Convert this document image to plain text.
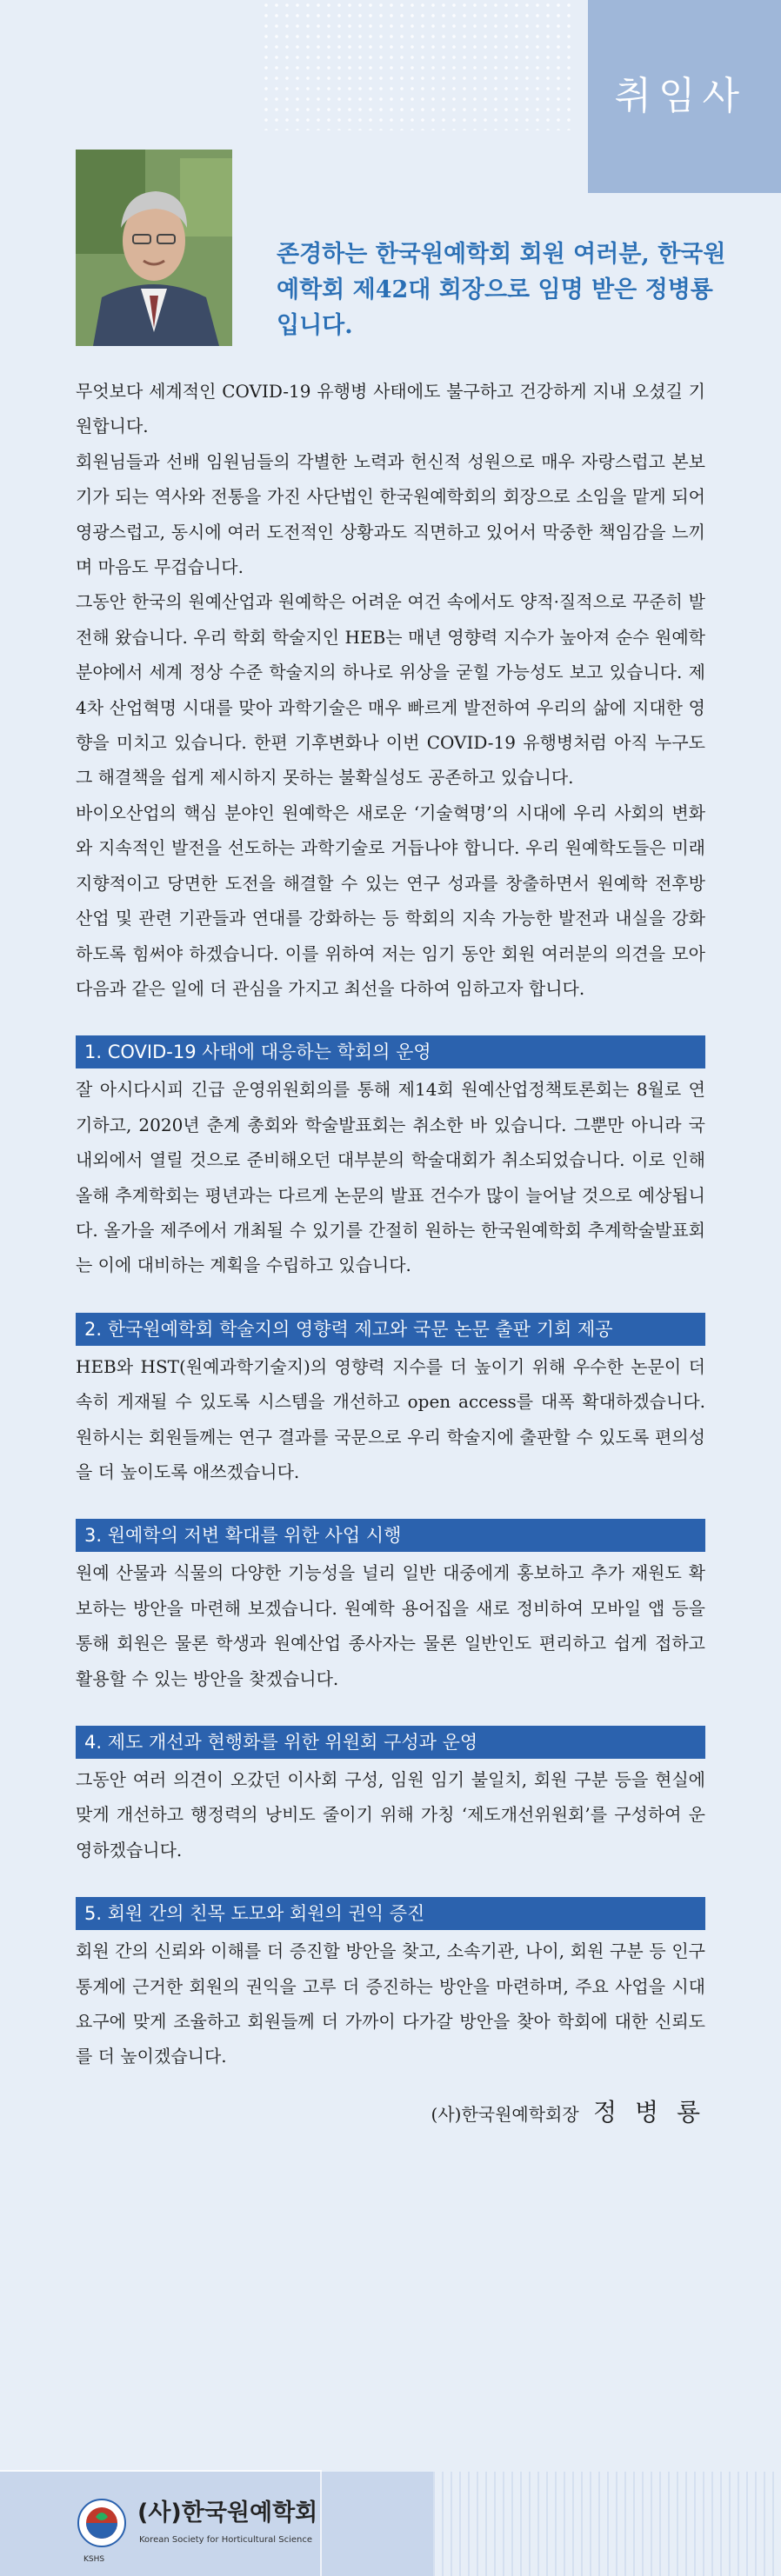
취임사
존경하는 한국원예학회 회원 여러분, 한국원예학회 제42대 회장으로 임명 받은 정병룡입니다.

무엇보다 세계적인 COVID-19 유행병 사태에도 불구하고 건강하게 지내 오셨길 기원합니다.

회원님들과 선배 임원님들의 각별한 노력과 헌신적 성원으로 매우 자랑스럽고 본보기가 되는 역사와 전통을 가진 사단법인 한국원예학회의 회장으로 소임을 맡게 되어 영광스럽고, 동시에 여러 도전적인 상황과도 직면하고 있어서 막중한 책임감을 느끼며 마음도 무겁습니다.

그동안 한국의 원예산업과 원예학은 어려운 여건 속에서도 양적·질적으로 꾸준히 발전해 왔습니다. 우리 학회 학술지인 HEB는 매년 영향력 지수가 높아져 순수 원예학 분야에서 세계 정상 수준 학술지의 하나로 위상을 굳힐 가능성도 보고 있습니다. 제4차 산업혁명 시대를 맞아 과학기술은 매우 빠르게 발전하여 우리의 삶에 지대한 영향을 미치고 있습니다. 한편 기후변화나 이번 COVID-19 유행병처럼 아직 누구도 그 해결책을 쉽게 제시하지 못하는 불확실성도 공존하고 있습니다.

바이오산업의 핵심 분야인 원예학은 새로운 ‘기술혁명’의 시대에 우리 사회의 변화와 지속적인 발전을 선도하는 과학기술로 거듭나야 합니다. 우리 원예학도들은 미래 지향적이고 당면한 도전을 해결할 수 있는 연구 성과를 창출하면서 원예학 전후방 산업 및 관련 기관들과 연대를 강화하는 등 학회의 지속 가능한 발전과 내실을 강화하도록 힘써야 하겠습니다. 이를 위하여 저는 임기 동안 회원 여러분의 의견을 모아 다음과 같은 일에 더 관심을 가지고 최선을 다하여 임하고자 합니다.

1. COVID-19 사태에 대응하는 학회의 운영

잘 아시다시피 긴급 운영위원회의를 통해 제14회 원예산업정책토론회는 8월로 연기하고, 2020년 춘계 총회와 학술발표회는 취소한 바 있습니다. 그뿐만 아니라 국내외에서 열릴 것으로 준비해오던 대부분의 학술대회가 취소되었습니다. 이로 인해 올해 추계학회는 평년과는 다르게 논문의 발표 건수가 많이 늘어날 것으로 예상됩니다. 올가을 제주에서 개최될 수 있기를 간절히 원하는 한국원예학회 추계학술발표회는 이에 대비하는 계획을 수립하고 있습니다.

2. 한국원예학회 학술지의 영향력 제고와 국문 논문 출판 기회 제공

HEB와 HST(원예과학기술지)의 영향력 지수를 더 높이기 위해 우수한 논문이 더 속히 게재될 수 있도록 시스템을 개선하고 open access를 대폭 확대하겠습니다. 원하시는 회원들께는 연구 결과를 국문으로 우리 학술지에 출판할 수 있도록 편의성을 더 높이도록 애쓰겠습니다.

3. 원예학의 저변 확대를 위한 사업 시행

원예 산물과 식물의 다양한 기능성을 널리 일반 대중에게 홍보하고 추가 재원도 확보하는 방안을 마련해 보겠습니다. 원예학 용어집을 새로 정비하여 모바일 앱 등을 통해 회원은 물론 학생과 원예산업 종사자는 물론 일반인도 편리하고 쉽게 접하고 활용할 수 있는 방안을 찾겠습니다.

4. 제도 개선과 현행화를 위한 위원회 구성과 운영

그동안 여러 의견이 오갔던 이사회 구성, 임원 임기 불일치, 회원 구분 등을 현실에 맞게 개선하고 행정력의 낭비도 줄이기 위해 가칭 ‘제도개선위원회’를 구성하여 운영하겠습니다.

5. 회원 간의 친목 도모와 회원의 권익 증진

회원 간의 신뢰와 이해를 더 증진할 방안을 찾고, 소속기관, 나이, 회원 구분 등 인구통계에 근거한 회원의 권익을 고루 더 증진하는 방안을 마련하며, 주요 사업을 시대 요구에 맞게 조율하고 회원들께 더 가까이 다가갈 방안을 찾아 학회에 대한 신뢰도를 더 높이겠습니다.

(사)한국원예학회장 정 병 룡
KSHS
(사)한국원예학회
Korean Society for Horticultural Science
